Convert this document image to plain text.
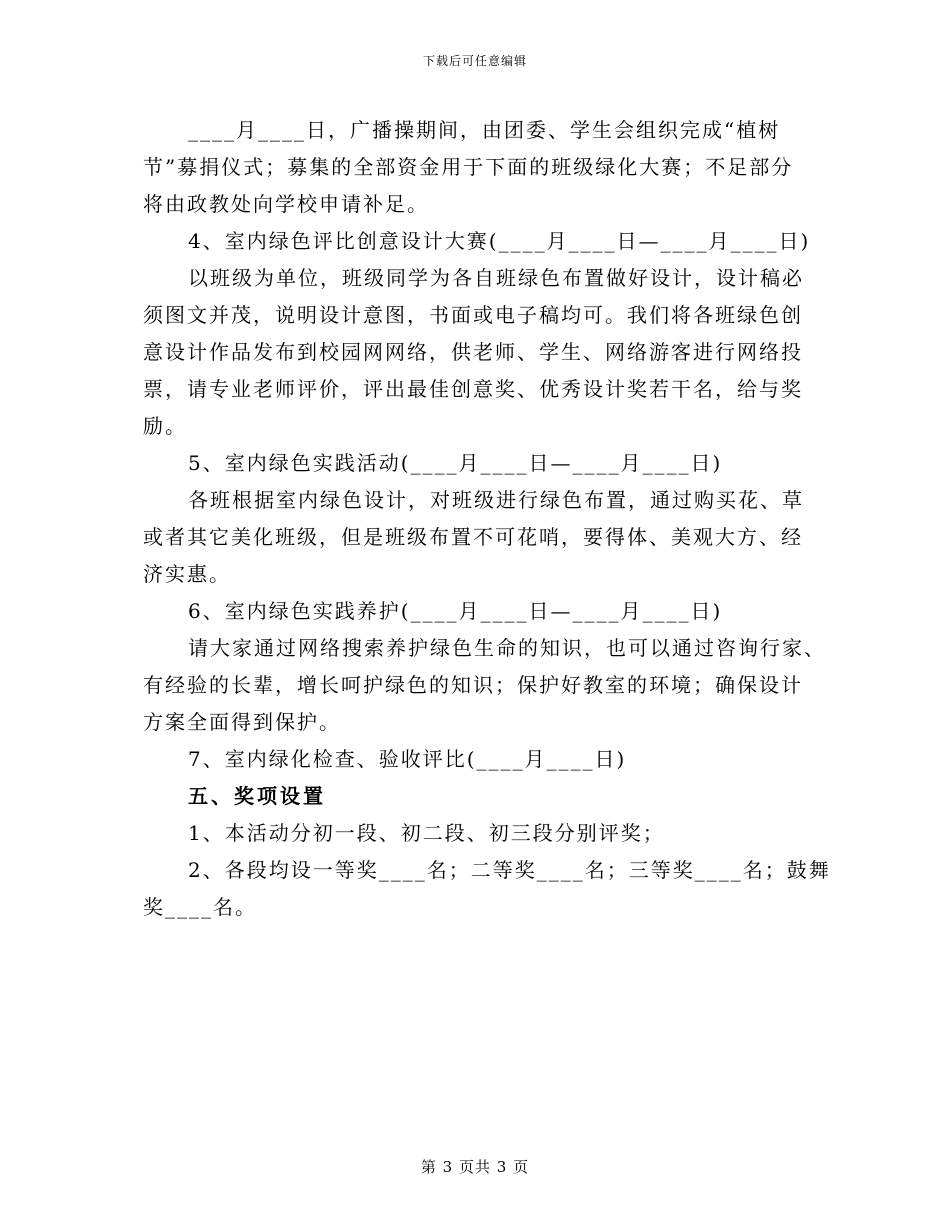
下载后可任意编辑
____月____日，广播操期间，由团委、学生会组织完成“植树
节”募捐仪式；募集的全部资金用于下面的班级绿化大赛；不足部分
将由政教处向学校申请补足。
4、室内绿色评比创意设计大赛(____月____日—____月____日)
以班级为单位，班级同学为各自班绿色布置做好设计，设计稿必
须图文并茂，说明设计意图，书面或电子稿均可。我们将各班绿色创
意设计作品发布到校园网网络，供老师、学生、网络游客进行网络投
票，请专业老师评价，评出最佳创意奖、优秀设计奖若干名，给与奖
励。
5、室内绿色实践活动(____月____日—____月____日)
各班根据室内绿色设计，对班级进行绿色布置，通过购买花、草
或者其它美化班级，但是班级布置不可花哨，要得体、美观大方、经
济实惠。
6、室内绿色实践养护(____月____日—____月____日)
请大家通过网络搜索养护绿色生命的知识，也可以通过咨询行家、
有经验的长辈，增长呵护绿色的知识；保护好教室的环境；确保设计
方案全面得到保护。
7、室内绿化检查、验收评比(____月____日)
五、奖项设置
1、本活动分初一段、初二段、初三段分别评奖；
2、各段均设一等奖____名；二等奖____名；三等奖____名；鼓舞
奖____名。
第 3 页共 3 页
